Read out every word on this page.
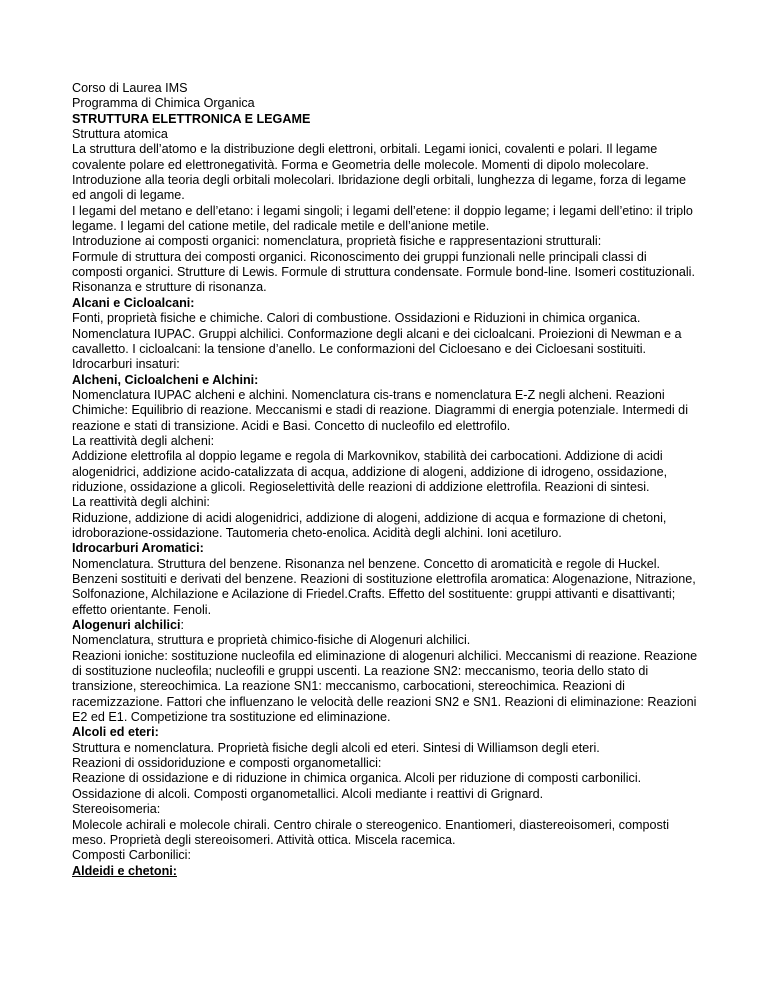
Corso di Laurea IMS
Programma di Chimica Organica
STRUTTURA ELETTRONICA E LEGAME
Struttura atomica
La struttura dell’atomo e la distribuzione degli elettroni, orbitali. Legami ionici, covalenti e polari. Il legame covalente polare ed elettronegatività. Forma e Geometria delle molecole. Momenti di dipolo molecolare. Introduzione alla teoria degli orbitali molecolari. Ibridazione degli orbitali, lunghezza di legame, forza di legame ed angoli di legame.
I legami del metano e dell’etano: i legami singoli; i legami dell’etene: il doppio legame; i legami dell’etino: il triplo legame. I legami del catione metile, del radicale metile e dell’anione metile.
Introduzione ai composti organici: nomenclatura, proprietà fisiche e rappresentazioni strutturali:
Formule di struttura dei composti organici. Riconoscimento dei gruppi funzionali nelle principali classi di composti organici. Strutture di Lewis. Formule di struttura condensate. Formule bond-line. Isomeri costituzionali. Risonanza e strutture di risonanza.
Alcani e Cicloalcani:
Fonti, proprietà fisiche e chimiche. Calori di combustione. Ossidazioni e Riduzioni in chimica organica. Nomenclatura IUPAC. Gruppi alchilici. Conformazione degli alcani e dei cicloalcani. Proiezioni di Newman e a cavalletto. I cicloalcani: la tensione d’anello. Le conformazioni del Cicloesano e dei Cicloesani sostituiti.
Idrocarburi insaturi:
Alcheni, Cicloalcheni e Alchini:
Nomenclatura IUPAC alcheni e alchini. Nomenclatura cis-trans e nomenclatura E-Z negli alcheni. Reazioni Chimiche: Equilibrio di reazione. Meccanismi e stadi di reazione. Diagrammi di energia potenziale. Intermedi di reazione e stati di transizione. Acidi e Basi. Concetto di nucleofilo ed elettrofilo.
La reattività degli alcheni:
Addizione elettrofila al doppio legame e regola di Markovnikov, stabilità dei carbocationi. Addizione di acidi alogenidrici, addizione acido-catalizzata di acqua, addizione di alogeni, addizione di idrogeno, ossidazione, riduzione, ossidazione a glicoli. Regioselettività delle reazioni di addizione elettrofila. Reazioni di sintesi.
La reattività degli alchini:
Riduzione, addizione di acidi alogenidrici, addizione di alogeni, addizione di acqua e formazione di chetoni, idroborazione-ossidazione. Tautomeria cheto-enolica. Acidità degli alchini. Ioni acetiluro.
Idrocarburi Aromatici:
Nomenclatura. Struttura del benzene. Risonanza nel benzene. Concetto di aromaticità e regole di Huckel. Benzeni sostituiti e derivati del benzene. Reazioni di sostituzione elettrofila aromatica: Alogenazione, Nitrazione, Solfonazione, Alchilazione e Acilazione di Friedel.Crafts. Effetto del sostituente: gruppi attivanti e disattivanti; effetto orientante. Fenoli.
Alogenuri alchilici:
Nomenclatura, struttura e proprietà chimico-fisiche di Alogenuri alchilici.
Reazioni ioniche: sostituzione nucleofila ed eliminazione di alogenuri alchilici. Meccanismi di reazione. Reazione di sostituzione nucleofila; nucleofili e gruppi uscenti. La reazione SN2: meccanismo, teoria dello stato di transizione, stereochimica. La reazione SN1: meccanismo, carbocationi, stereochimica. Reazioni di racemizzazione. Fattori che influenzano le velocità delle reazioni SN2 e SN1. Reazioni di eliminazione: Reazioni E2 ed E1. Competizione tra sostituzione ed eliminazione.
Alcoli ed eteri:
Struttura e nomenclatura. Proprietà fisiche degli alcoli ed eteri. Sintesi di Williamson degli eteri.
Reazioni di ossidoriduzione e composti organometallici:
Reazione di ossidazione e di riduzione in chimica organica. Alcoli per riduzione di composti carbonilici. Ossidazione di alcoli. Composti organometallici. Alcoli mediante i reattivi di Grignard.
Stereoisomeria:
Molecole achirali e molecole chirali. Centro chirale o stereogenico. Enantiomeri, diastereoisomeri, composti meso. Proprietà degli stereoisomeri. Attività ottica. Miscela racemica.
Composti Carbonilici:
Aldeidi e chetoni:
